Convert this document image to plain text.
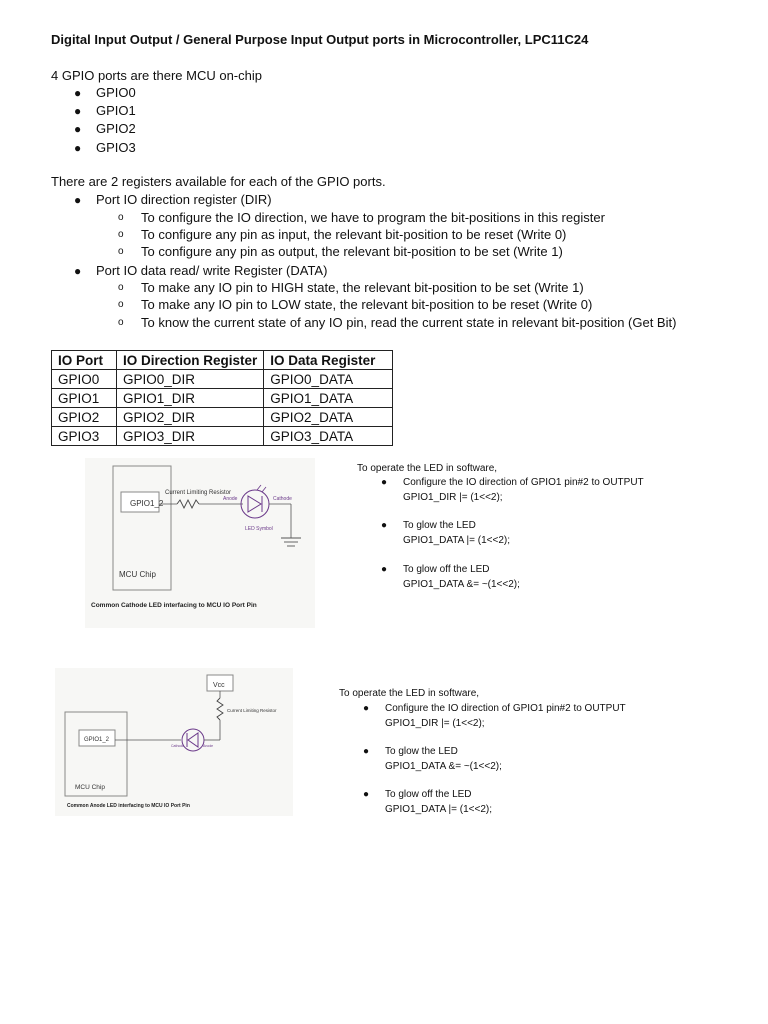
Digital Input Output / General Purpose Input Output ports in Microcontroller, LPC11C24
4 GPIO ports are there MCU on-chip
● GPIO0
● GPIO1
● GPIO2
● GPIO3
There are 2 registers available for each of the GPIO ports.
● Port IO direction register (DIR)
o To configure the IO direction, we have to program the bit-positions in this register
o To configure any pin as input, the relevant bit-position to be reset (Write 0)
o To configure any pin as output, the relevant bit-position to be set (Write 1)
● Port IO data read/ write Register (DATA)
o To make any IO pin to HIGH state, the relevant bit-position to be set (Write 1)
o To make any IO pin to LOW state, the relevant bit-position to be reset (Write 0)
o To know the current state of any IO pin, read the current state in relevant bit-position (Get Bit)
IO Port	IO Direction Register	IO Data Register
GPIO0	GPIO0_DIR	GPIO0_DATA
GPIO1	GPIO1_DIR	GPIO1_DATA
GPIO2	GPIO2_DIR	GPIO2_DATA
GPIO3	GPIO3_DIR	GPIO3_DATA
GPIO1_2
Current Limiting Resistor
Anode	Cathode
LED Symbol
MCU Chip
Common Cathode LED interfacing to MCU IO Port Pin
To operate the LED in software,
● Configure the IO direction of GPIO1 pin#2 to OUTPUT
GPIO1_DIR |= (1<<2);
● To glow the LED
GPIO1_DATA |= (1<<2);
● To glow off the LED
GPIO1_DATA &= ~(1<<2);
GPIO1_2
Vcc
Current Limiting Resistor
Cathode	Anode
MCU Chip
Common Anode LED interfacing to MCU IO Port Pin
To operate the LED in software,
● Configure the IO direction of GPIO1 pin#2 to OUTPUT
GPIO1_DIR |= (1<<2);
● To glow the LED
GPIO1_DATA &= ~(1<<2);
● To glow off the LED
GPIO1_DATA |= (1<<2);
